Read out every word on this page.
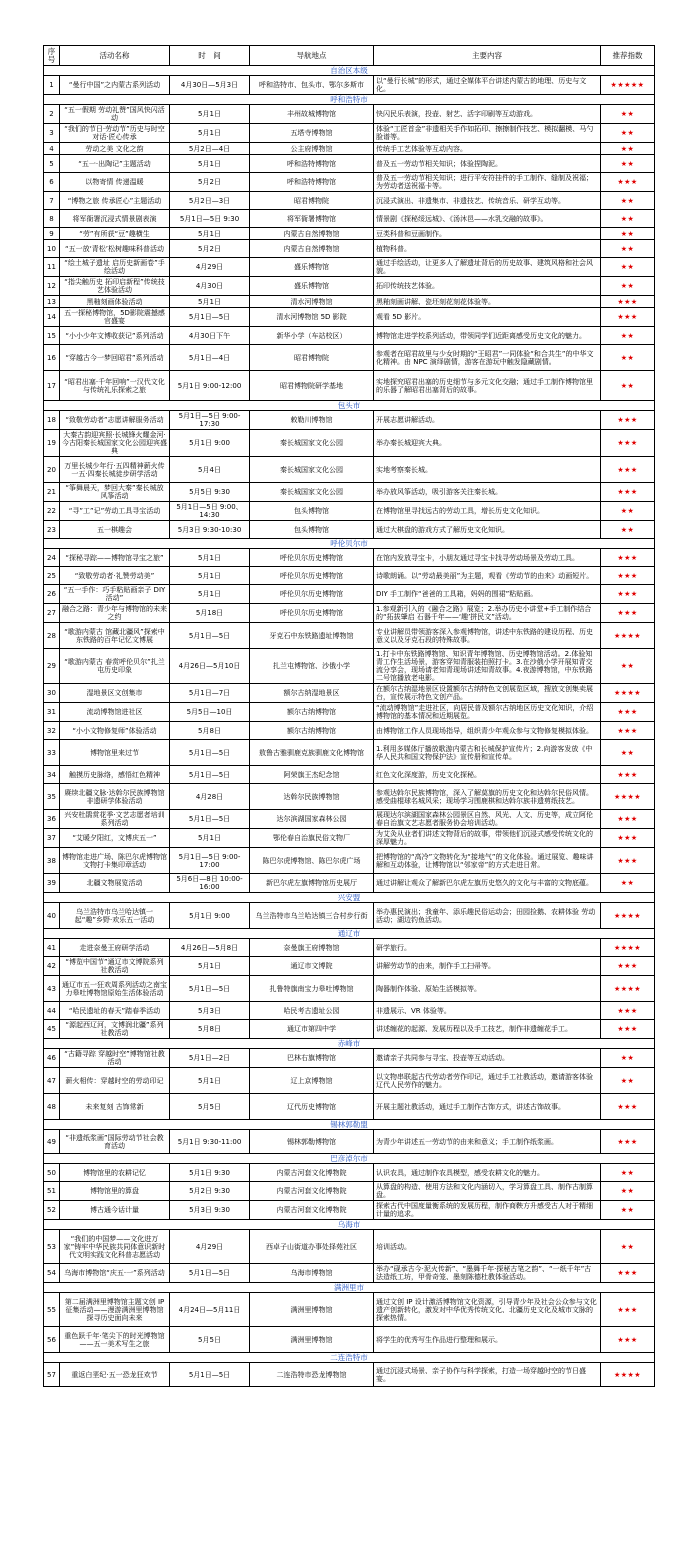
序号	活动名称	时　间	导航地点	主要内容	推荐指数
自治区本级					
1	“曼行中国”之内蒙古系列活动	4月30日—5月3日	呼和浩特市、包头市、鄂尔多斯市	以“曼行长城”的形式，通过全媒体平台讲述内蒙古的地理、历史与文化。	★★★★★
呼和浩特市					
2	“五一假期 劳动礼赞”国风快闪活动	5月1日	丰州故城博物馆	快闪民乐表演，投壶、射艺、活字印刷等互动游戏。	★★
3	“我们的节日·劳动节”历史与时空对话·匠心传承	5月1日	五塔寺博物馆	体验“工匠首金”非遗相关手作如拓印、擦擦制作技艺、模拟翻模、马勺脸谱等。	★★
4	劳动之美 文化之韵	5月2日—4日	公主府博物馆	传统手工艺体验等互动内容。	★★
5	“五一·出陶记”主题活动	5月1日	呼和浩特博物馆	普及五一劳动节相关知识；体验捏陶泥。	★★
6	以物寄情 传递温暖	5月2日	呼和浩特博物馆	普及五一劳动节相关知识；进行平安符挂件的手工制作、缝制及祝福；为劳动者送祝福卡等。	★★★
7	“博物之旅 传承匠心”主题活动	5月2日—3日	昭君博物院	沉浸式演出、非遗集市、非遗技艺、传统音乐、研学互动等。	★★
8	将军衙署沉浸式情景剧表演	5月1日—5日 9:30	将军衙署博物馆	情景剧《探秘绥远城》、《汤沐邑——水乳交融的故事》。	★★
9	“劳”有所获“豆”趣横生	5月1日	内蒙古自然博物馆	豆类科普和豆画制作。	★★
10	“五一放‘青松’松树趣味科普活动	5月2日	内蒙古自然博物馆	植物科普。	★★
11	“绘土城子遗址 启历史新画卷”手绘活动	4月29日	盛乐博物馆	通过手绘活动，让更多人了解遗址背后的历史故事、建筑风格和社会风貌。	★★
12	“指尖触历史 拓印启新程”传统技艺体验活动	4月30日	盛乐博物馆	拓印传统技艺体验。	★★
13	黑釉刻画体验活动	5月1日	清水河博物馆	黑釉刻画讲解、瓷坯刻花刻花体验等。	★★★
14	五一探秘博物馆，5D影院震撼感官盛宴	5月1日—5日	清水河博物馆 5D 影院	观看 5D 影片。	★★★
15	“小小少年文博收获记”系列活动	4月30日下午	新华小学（车站校区）	博物馆走进学校系列活动，带领同学们近距离感受历史文化的魅力。	★★
16	“穿越古今一梦回昭君”系列活动	5月1日—4日	昭君博物院	参观者在昭君故里与少女时期的“王昭君”一同体验“和合共生”的中华文化精神。由 NPC 演绎剧情，游客在游玩中触发隐藏剧情。	★★
17	“昭君出塞·千年回响”一汉代文化与传统礼乐探索之旅	5月1日 9:00-12:00	昭君博物院研学基地	实地探究昭君出塞的历史细节与多元文化交融；通过手工制作博物馆里的乐器了解昭君出塞背后的故事。	★★
包头市					
18	“致敬劳动者”志愿讲解服务活动	5月1日—5日 9:00-17:30	敕勒川博物馆	开展志愿讲解活动。	★★★
19	大秦古韵迎宾照·长城锋火耀金河·今古阳秦长城国家文化公园迎宾盛典	5月1日 9:00	秦长城国家文化公园	举办秦长城迎宾大典。	★★★
20	万里长城少年行·五四精神薪火传一五·四秦长城徒步研学活动	5月4日	秦长城国家文化公园	实地考察秦长城。	★★★
21	“筝舞晨天，梦回大秦”秦长城放风筝活动	5月5日 9:30	秦长城国家文化公园	举办放风筝活动，吸引游客关注秦长城。	★★★
22	“寻”工”记”劳动工具寻宝活动	5月1日—5日 9:00、14:30	包头博物馆	在博物馆里寻找远古的劳动工具，增长历史文化知识。	★★
23	五一棋趣会	5月3日 9:30-10:30	包头博物馆	通过大棋盘的游戏方式了解历史文化知识。	★★
呼伦贝尔市					
24	“探秘寻踪——博物馆寻宝之旅”	5月1日	呼伦贝尔历史博物馆	在馆内发放寻宝卡，小朋友通过寻宝卡找寻劳动场景及劳动工具。	★★★
25	“致敬劳动者·礼赞劳动美”	5月1日	呼伦贝尔历史博物馆	诗歌朗诵。以“劳动最美丽”为主题，观看《劳动节的由来》动画短片。	★★★
26	“五一手作：巧手粘贴画亲子 DIY 活动”	5月1日	呼伦贝尔历史博物馆	DIY 手工制作“爸爸的工具箱，妈妈的围裙”粘贴画。	★★★
27	融合之路：青少年与博物馆的未来之约	5月18日	呼伦贝尔历史博物馆	1.参观新引入的《融合之路》展览；2.举办历史小讲堂+手工制作结合的“拓拔肇启 石器千年——‘趣’拼民文”活动。	★★★
28	“歌游内蒙古 馆藏北疆风”探索中东铁路的百年记忆文博展	5月1日—5日	牙克石中东铁路遗址博物馆	专业讲解员带领游客深入参观博物馆，讲述中东铁路的建设历程、历史意义以及牙克石段的特殊故事。	★★★★
29	“歌游内蒙古 春赏呼伦贝尔”扎兰屯历史印象	4月26日—5月10日	扎兰屯博物馆、沙俄小学	1.打卡中东铁路博物馆、知识青年博物馆、历史博物馆活动。2.体验知青工作生活场景，游客穿知青服装拍照打卡。3.在沙俄小学开展知青交流分享会，现场请老知青现场讲述知青故事。4.夜游博物馆，中东铁路二号馆播放老电影。	★★
30	湿地景区文创集市	5月1日—7日	额尔古纳湿地景区	在额尔古纳湿地景区设置额尔古纳特色文创展览区域，搜放文创集卖展台，宣传展示特色文创产品。	★★★★
31	流动博物馆进社区	5月5日—10日	额尔古纳博物馆	“流动博物馆”走进社区，向居民普及额尔古纳地区历史文化知识，介绍博物馆的基本情况和近期展览。	★★★
32	“小小文物修复师”体验活动	5月8日	额尔古纳博物馆	由博物馆工作人员现场指导，组织青少年观众参与文物修复模拟体验。	★★★
33	博物馆里来过节	5月1日—5日	敖鲁古雅驯鹿克族驯鹿文化博物馆	1.利用多媒体厅播放歌游内蒙古和长城保护宣传片；2.向游客发放《中华人民共和国文物保护法》宣传册和宣传单。	★★
34	触摸历史脉络，感悟红色精神	5月1日—5日	阿荣旗王杰纪念馆	红色文化深度游，历史文化探秘。	★★★
35	赓续北疆文脉·达斡尔民族博物馆非遗研学体验活动	4月28日	达斡尔民族博物馆	参观达斡尔民族博物馆，深入了解莫旗的历史文化和达斡尔民俗风情。感受曲棍球名城风采；现场学习围鹿棋和达斡尔族非遗剪纸技艺。	★★★★
36	兴安杜鹃赏花季·文艺志愿者培训系列活动	5月1日—5日	达尔滨湖国家森林公园	展现达尔滨湖国家森林公园景区自然、风光、人文、历史等，成立阿伦春自治旗文艺志愿者服务协会培训活动。	★★★
37	“艾暖夕阳红，文博庆五一”	5月1日	鄂伦春自治旗民俗文物厂	为艾灸从业者们讲述文物背后的故事，带领他们沉浸式感受传统文化的深厚魅力。	★★★
38	博物馆走进广场、陈巴尔虎博物馆文物打卡集印章活动	5月1日—5日 9:00-17:00	陈巴尔虎博物馆、陈巴尔虎广场	把博物馆的“高冷”文物转化为“接地气”的文化体验。通过展览、趣味讲解和互动体验，让博物馆以“邻家帝”的方式走进日常。	★★★
39	北疆文物展览活动	5月6日—8日 10:00-16:00	新巴尔虎左旗博物馆历史展厅	通过讲解让观众了解新巴尔虎左旗历史悠久的文化与丰富的文物底蕴。	★★
兴安盟					
40	乌兰浩特市乌兰哈达镇一起“趣”乡野·欢乐五一活动	5月1日 9:00	乌兰浩特市乌兰哈达镇三合村步行街	举办惠民演出；我童年、添乐趣民俗运动会；田园捡鹅、农耕体验 劳动活动；湖边钓鱼活动。	★★★★
通辽市					
41	走进奈曼王府研学活动	4月26日—5月8日	奈曼旗王府博物馆	研学旅行。	★★★★
42	“博览中国节”通辽市文博院系列社教活动	5月1日	通辽市文博院	讲解劳动节的由来，制作手工扫帚等。	★★★
43	通辽市五一狂欢周系列活动之南宝力皋吐博物馆原始生活体验活动	5月1日—5日	扎鲁特旗南宝力皋吐博物馆	陶器制作体验、原始生活模拟等。	★★★★
44	“哈民遗址的春天”踏春季活动	5月3日	哈民考古遗址公园	非遗展示、VR 体验等。	★★★
45	“源起西辽河，文博润北疆”系列社教活动	5月8日	通辽市第四中学	讲述缠花的起源、发展历程以及手工技艺，制作非遗缠花手工。	★★★
赤峰市					
46	“古籍寻踪 穿越时空”博物馆社教活动	5月1日—2日	巴林右旗博物馆	邀请亲子共同参与寻宝、投壶等互动活动。	★★
47	薪火相传：穿越时空的劳动印记	5月1日	辽上京博物馆	以文物串联起古代劳动者劳作印记，通过手工社教活动，邀请游客体验辽代人民劳作的魅力。	★★
48	未来复刻 古饰常新	5月5日	辽代历史博物馆	开展主题社教活动，通过手工制作古饰方式，讲述古饰故事。	★★★
锡林郭勒盟					
49	“非遗纸浆画”国际劳动节社会教育活动	5月1日 9:30-11:00	锡林郭勒博物馆	为青少年讲述五一劳动节的由来和意义；手工制作纸浆画。	★★★
巴彦淖尔市					
50	博物馆里的农耕记忆	5月1日 9:30	内蒙古河套文化博物院	认识农具，通过制作农具模型，感受农耕文化的魅力。	★★
51	博物馆里的算盘	5月2日 9:30	内蒙古河套文化博物院	从算盘的构造、使用方法和文化内涵切入，学习算盘工具、制作古制算盘。	★★
52	博古通今话计量	5月3日 9:30	内蒙古河套文化博物院	探索古代中国度量衡系统的发展历程，制作商鞅方升感受古人对于精细计量的追求。	★★
乌海市					
53	“我们的中国梦——文化进万家”铸牢中华民族共同体意识新时代文明实践文化科普志愿活动	4月29日	西卓子山街道办事处择苑社区	培训活动。	★★
54	乌海市博物馆“庆五·一”系列活动	5月1日—5日	乌海市博物馆	举办“砚承古今·泥火传新”、“墨舞千年·探秘古笔之韵”、“一纸千年”古法造纸工坊，甲骨奇笼、墨刻陈德杜教体验活动。	★★★
满洲里市					
55	第二届满洲里博物馆主题文创 IP 征集活动——漫游满洲里博物馆 探寻历史面向未来	4月24日—5月11日	满洲里博物馆	通过文创 IP 设计激活博物馆文化资源，引导青少年及社会公众参与文化遗产创新转化，激发对中华优秀传统文化、北疆历史文化及城市文脉的探索热情。	★★★
56	重色跃千年·笔尖下的时光博物馆——五一美术写生之旅	5月5日	满洲里博物馆	将学生的优秀写生作品进行整理和展示。	★★★
二连浩特市					
57	重返白垩纪·五一恐龙狂欢节	5月1日—5日	二连浩特市恐龙博物馆	通过沉浸式场景、亲子协作与科学探索，打造一场穿越时空的节日盛宴。	★★★★
